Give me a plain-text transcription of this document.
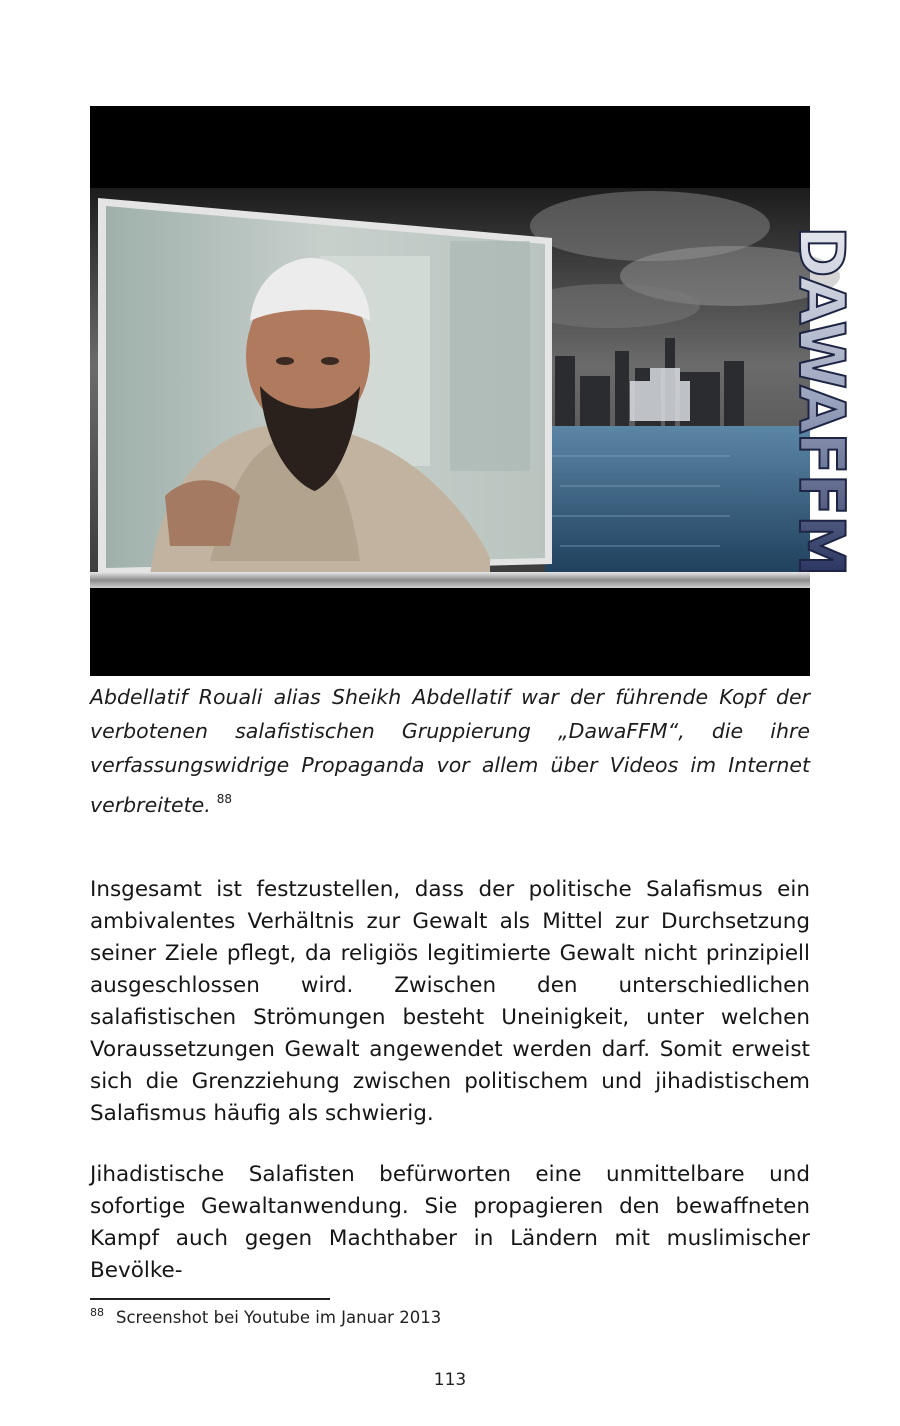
DAWAFFM

Abdellatif Rouali alias Sheikh Abdellatif war der führende Kopf der verbotenen salafistischen Gruppierung „DawaFFM“, die ihre verfassungswidrige Propaganda vor allem über Videos im Internet verbreitete. $^{88}$

Insgesamt ist festzustellen, dass der politische Salafismus ein ambivalentes Verhältnis zur Gewalt als Mittel zur Durchsetzung seiner Ziele pflegt, da religiös legitimierte Gewalt nicht prinzipiell ausgeschlossen wird. Zwischen den unterschiedlichen salafistischen Strömungen besteht Uneinigkeit, unter welchen Voraussetzungen Gewalt angewendet werden darf. Somit erweist sich die Grenzziehung zwischen politischem und jihadistischem Salafismus häufig als schwierig.

Jihadistische Salafisten befürworten eine unmittelbare und sofortige Gewaltanwendung. Sie propagieren den bewaffneten Kampf auch gegen Machthaber in Ländern mit muslimischer Bevölke-

$^{88}$ Screenshot bei Youtube im Januar 2013

113
